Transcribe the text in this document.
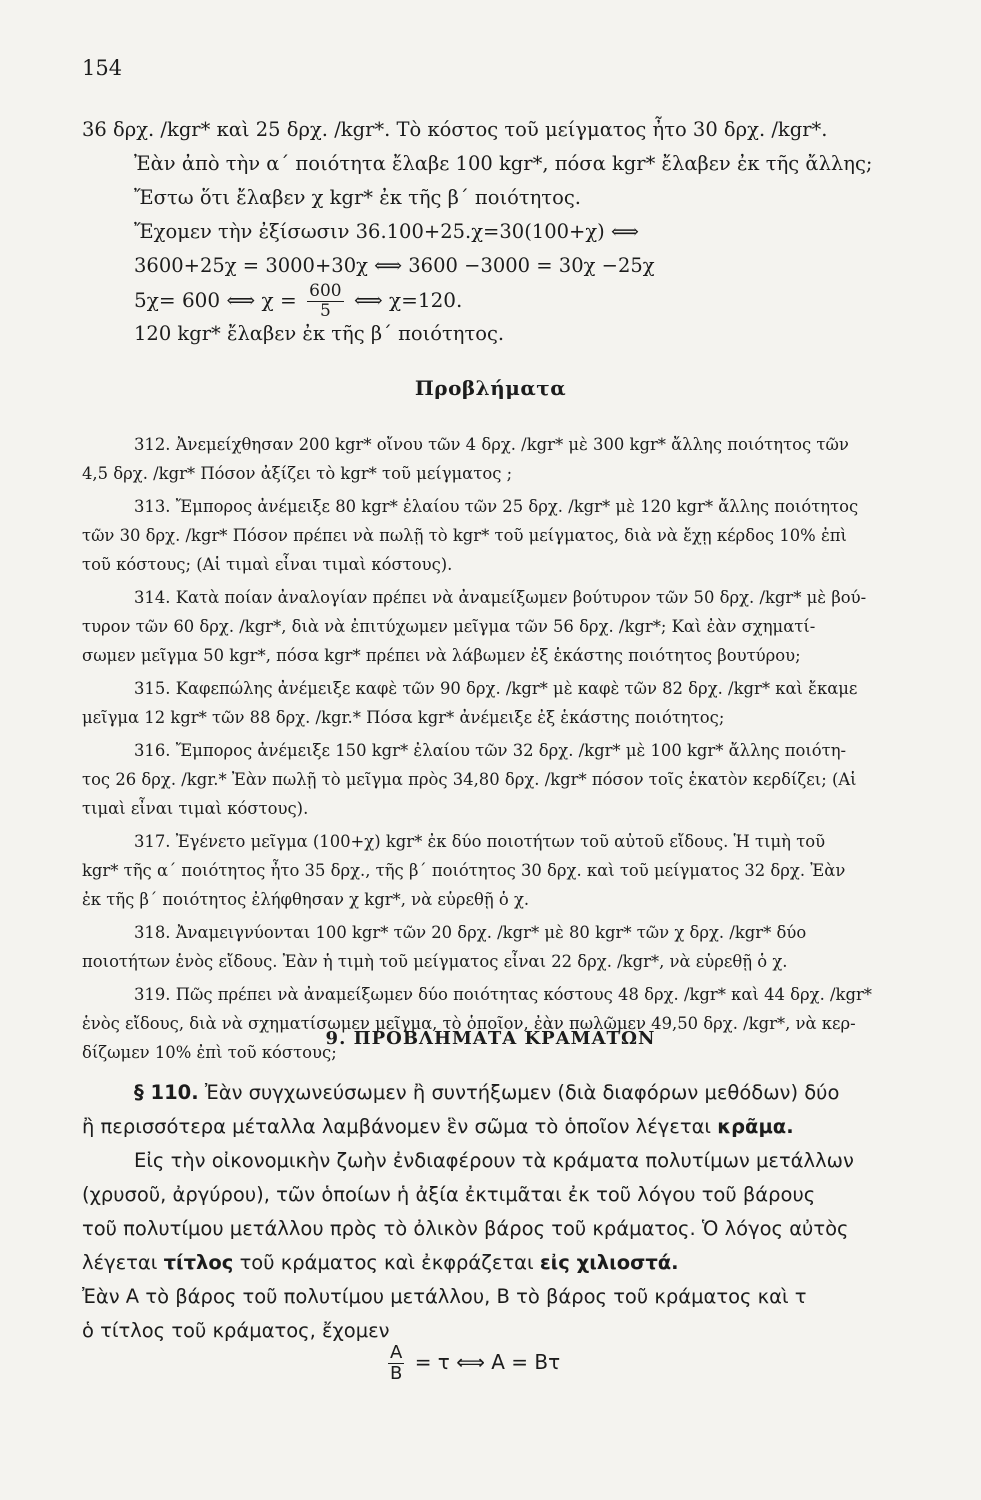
154
36 δρχ. /kgr* καὶ 25 δρχ. /kgr*. Τὸ κόστος τοῦ μείγματος ἦτο 30 δρχ. /kgr*.
Ἐὰν ἀπὸ τὴν α΄ ποιότητα ἔλαβε 100 kgr*, πόσα kgr* ἔλαβεν ἐκ τῆς ἄλλης;
Ἔστω ὅτι ἔλαβεν χ kgr* ἐκ τῆς β΄ ποιότητος.
Ἔχομεν τὴν ἐξίσωσιν 36.100+25.χ=30(100+χ) ⟺
3600+25χ = 3000+30χ ⟺ 3600 −3000 = 30χ −25χ
5χ= 600 ⟺ $\chi = \frac{600}{5}$ ⟺ χ=120.
120 kgr* ἔλαβεν ἐκ τῆς β΄ ποιότητος.
Προβλήματα
312. Ἀνεμείχθησαν 200 kgr* οἴνου τῶν 4 δρχ. /kgr* μὲ 300 kgr* ἄλλης ποιότητος τῶν
4,5 δρχ. /kgr* Πόσον ἀξίζει τὸ kgr* τοῦ μείγματος ;
313. Ἔμπορος ἀνέμειξε 80 kgr* ἐλαίου τῶν 25 δρχ. /kgr* μὲ 120 kgr* ἄλλης ποιότητος
τῶν 30 δρχ. /kgr* Πόσον πρέπει νὰ πωλῇ τὸ kgr* τοῦ μείγματος, διὰ νὰ ἔχῃ κέρδος 10% ἐπὶ
τοῦ κόστους; (Αἱ τιμαὶ εἶναι τιμαὶ κόστους).
314. Κατὰ ποίαν ἀναλογίαν πρέπει νὰ ἀναμείξωμεν βούτυρον τῶν 50 δρχ. /kgr* μὲ βού-
τυρον τῶν 60 δρχ. /kgr*, διὰ νὰ ἐπιτύχωμεν μεῖγμα τῶν 56 δρχ. /kgr*; Καὶ ἐὰν σχηματί-
σωμεν μεῖγμα 50 kgr*, πόσα kgr* πρέπει νὰ λάβωμεν ἐξ ἑκάστης ποιότητος βουτύρου;
315. Καφεπώλης ἀνέμειξε καφὲ τῶν 90 δρχ. /kgr* μὲ καφὲ τῶν 82 δρχ. /kgr* καὶ ἔκαμε
μεῖγμα 12 kgr* τῶν 88 δρχ. /kgr.* Πόσα kgr* ἀνέμειξε ἐξ ἑκάστης ποιότητος;
316. Ἔμπορος ἀνέμειξε 150 kgr* ἐλαίου τῶν 32 δρχ. /kgr* μὲ 100 kgr* ἄλλης ποιότη-
τος 26 δρχ. /kgr.* Ἐὰν πωλῇ τὸ μεῖγμα πρὸς 34,80 δρχ. /kgr* πόσον τοῖς ἑκατὸν κερδίζει; (Αἱ
τιμαὶ εἶναι τιμαὶ κόστους).
317. Ἐγένετο μεῖγμα (100+χ) kgr* ἐκ δύο ποιοτήτων τοῦ αὐτοῦ εἴδους. Ἡ τιμὴ τοῦ
kgr* τῆς α΄ ποιότητος ἦτο 35 δρχ., τῆς β΄ ποιότητος 30 δρχ. καὶ τοῦ μείγματος 32 δρχ. Ἐὰν
ἐκ τῆς β΄ ποιότητος ἐλήφθησαν χ kgr*, νὰ εὑρεθῇ ὁ χ.
318. Ἀναμειγνύονται 100 kgr* τῶν 20 δρχ. /kgr* μὲ 80 kgr* τῶν χ δρχ. /kgr* δύο
ποιοτήτων ἑνὸς εἴδους. Ἐὰν ἡ τιμὴ τοῦ μείγματος εἶναι 22 δρχ. /kgr*, νὰ εὑρεθῇ ὁ χ.
319. Πῶς πρέπει νὰ ἀναμείξωμεν δύο ποιότητας κόστους 48 δρχ. /kgr* καὶ 44 δρχ. /kgr*
ἑνὸς εἴδους, διὰ νὰ σχηματίσωμεν μεῖγμα, τὸ ὁποῖον, ἐὰν πωλῶμεν 49,50 δρχ. /kgr*, νὰ κερ-
δίζωμεν 10% ἐπὶ τοῦ κόστους;
9. ΠΡΟΒΛΗΜΑΤΑ ΚΡΑΜΑΤΩΝ
§ 110. Ἐὰν συγχωνεύσωμεν ἢ συντήξωμεν (διὰ διαφόρων μεθόδων) δύο
ἢ περισσότερα μέταλλα λαμβάνομεν ἓν σῶμα τὸ ὁποῖον λέγεται κρᾶμα.
Εἰς τὴν οἰκονομικὴν ζωὴν ἐνδιαφέρουν τὰ κράματα πολυτίμων μετάλλων
(χρυσοῦ, ἀργύρου), τῶν ὁποίων ἡ ἀξία ἐκτιμᾶται ἐκ τοῦ λόγου τοῦ βάρους
τοῦ πολυτίμου μετάλλου πρὸς τὸ ὀλικὸν βάρος τοῦ κράματος. Ὁ λόγος αὐτὸς
λέγεται τίτλος τοῦ κράματος καὶ ἐκφράζεται εἰς χιλιοστά.
Ἐὰν Α τὸ βάρος τοῦ πολυτίμου μετάλλου, Β τὸ βάρος τοῦ κράματος καὶ τ
ὁ τίτλος τοῦ κράματος, ἔχομεν
$\frac{A}{B} = \tau$ ⟺ A = Bτ
